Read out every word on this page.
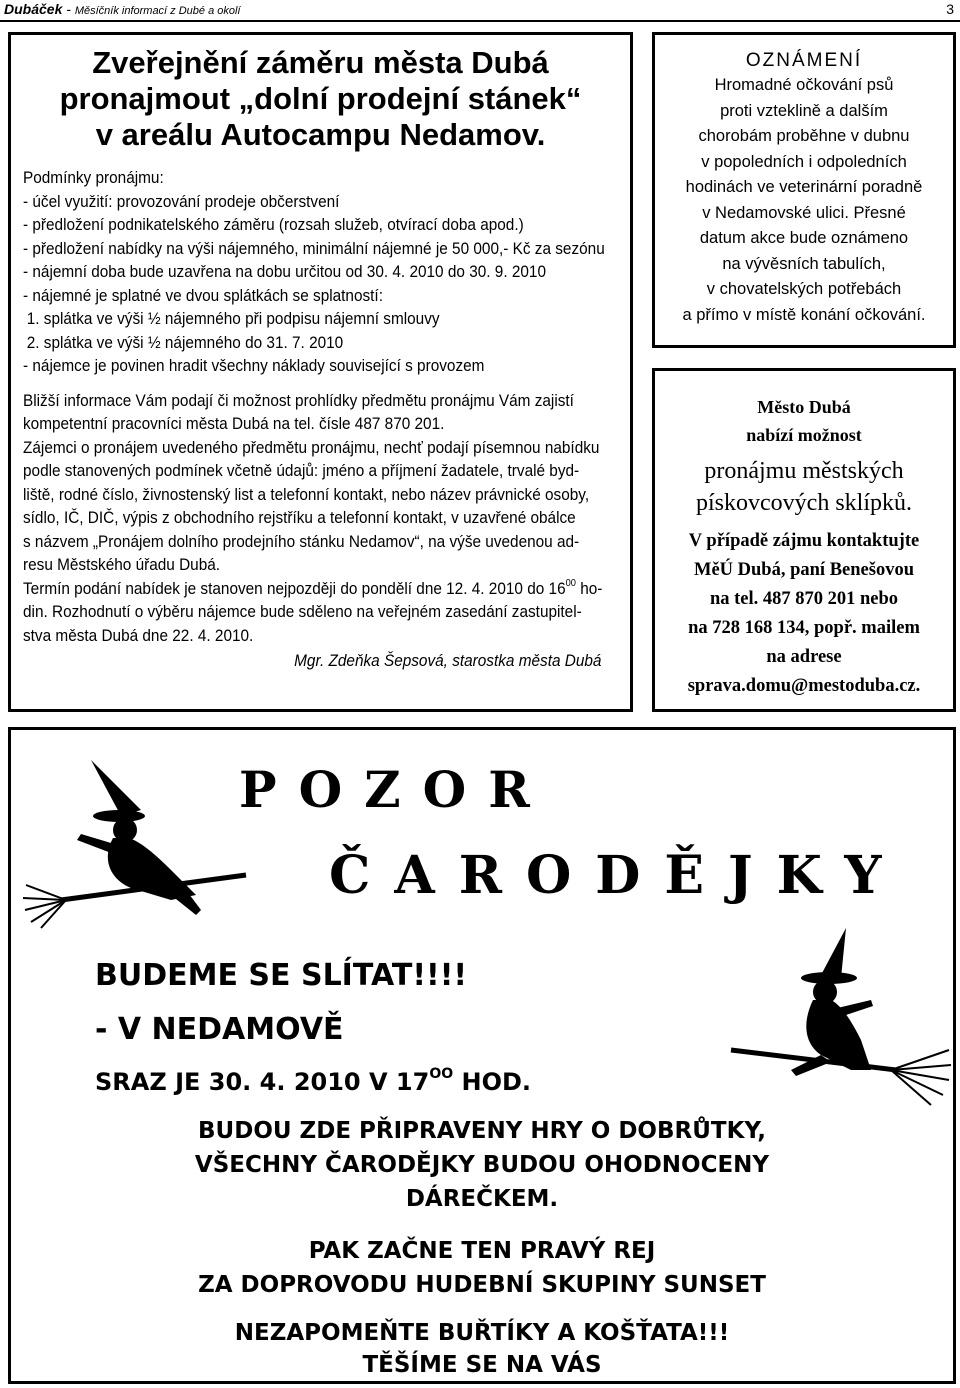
Dubáček - Měsíčník informací z Dubé a okolí	3
Zveřejnění záměru města Dubá
pronajmout „dolní prodejní stánek“
v areálu Autocampu Nedamov.
Podmínky pronájmu:
- účel využití: provozování prodeje občerstvení
- předložení podnikatelského záměru (rozsah služeb, otvírací doba apod.)
- předložení nabídky na výši nájemného, minimální nájemné je 50 000,- Kč za sezónu
- nájemní doba bude uzavřena na dobu určitou od 30. 4. 2010 do 30. 9. 2010
- nájemné je splatné ve dvou splátkách se splatností:
1. splátka ve výši ½ nájemného při podpisu nájemní smlouvy
2. splátka ve výši ½ nájemného do 31. 7. 2010
- nájemce je povinen hradit všechny náklady související s provozem
Bližší informace Vám podají či možnost prohlídky předmětu pronájmu Vám zajistí
kompetentní pracovníci města Dubá na tel. čísle 487 870 201.
Zájemci o pronájem uvedeného předmětu pronájmu, nechť podají písemnou nabídku
podle stanovených podmínek včetně údajů: jméno a příjmení žadatele, trvalé byd-
liště, rodné číslo, živnostenský list a telefonní kontakt, nebo název právnické osoby,
sídlo, IČ, DIČ, výpis z obchodního rejstříku a telefonní kontakt, v uzavřené obálce
s názvem „Pronájem dolního prodejního stánku Nedamov“, na výše uvedenou ad-
resu Městského úřadu Dubá.
Termín podání nabídek je stanoven nejpozději do pondělí dne 12. 4. 2010 do $16^{00}$ ho-
din. Rozhodnutí o výběru nájemce bude sděleno na veřejném zasedání zastupitel-
stva města Dubá dne 22. 4. 2010.
Mgr. Zdeňka Šepsová, starostka města Dubá
OZNÁMENÍ
Hromadné očkování psů
proti vzteklině a dalším
chorobám proběhne v dubnu
v popoledních i odpoledních
hodinách ve veterinární poradně
v Nedamovské ulici. Přesné
datum akce bude oznámeno
na vývěsních tabulích,
v chovatelských potřebách
a přímo v místě konání očkování.
Město Dubá
nabízí možnost
pronájmu městských
pískovcových sklípků.
V případě zájmu kontaktujte
MěÚ Dubá, paní Benešovou
na tel. 487 870 201 nebo
na 728 168 134, popř. mailem
na adrese
sprava.domu@mestoduba.cz.
POZOR
ČARODĚJKY
BUDEME SE SLÍTAT!!!!
- V NEDAMOVĚ
SRAZ JE 30. 4. 2010 V $17^{OO}$ HOD.
BUDOU ZDE PŘIPRAVENY HRY O DOBRŮTKY,
VŠECHNY ČARODĚJKY BUDOU OHODNOCENY
DÁREČKEM.
PAK ZAČNE TEN PRAVÝ REJ
ZA DOPROVODU HUDEBNÍ SKUPINY SUNSET
NEZAPOMEŇTE BUŘTÍKY A KOŠŤATA!!!
TĚŠÍME SE NA VÁS
